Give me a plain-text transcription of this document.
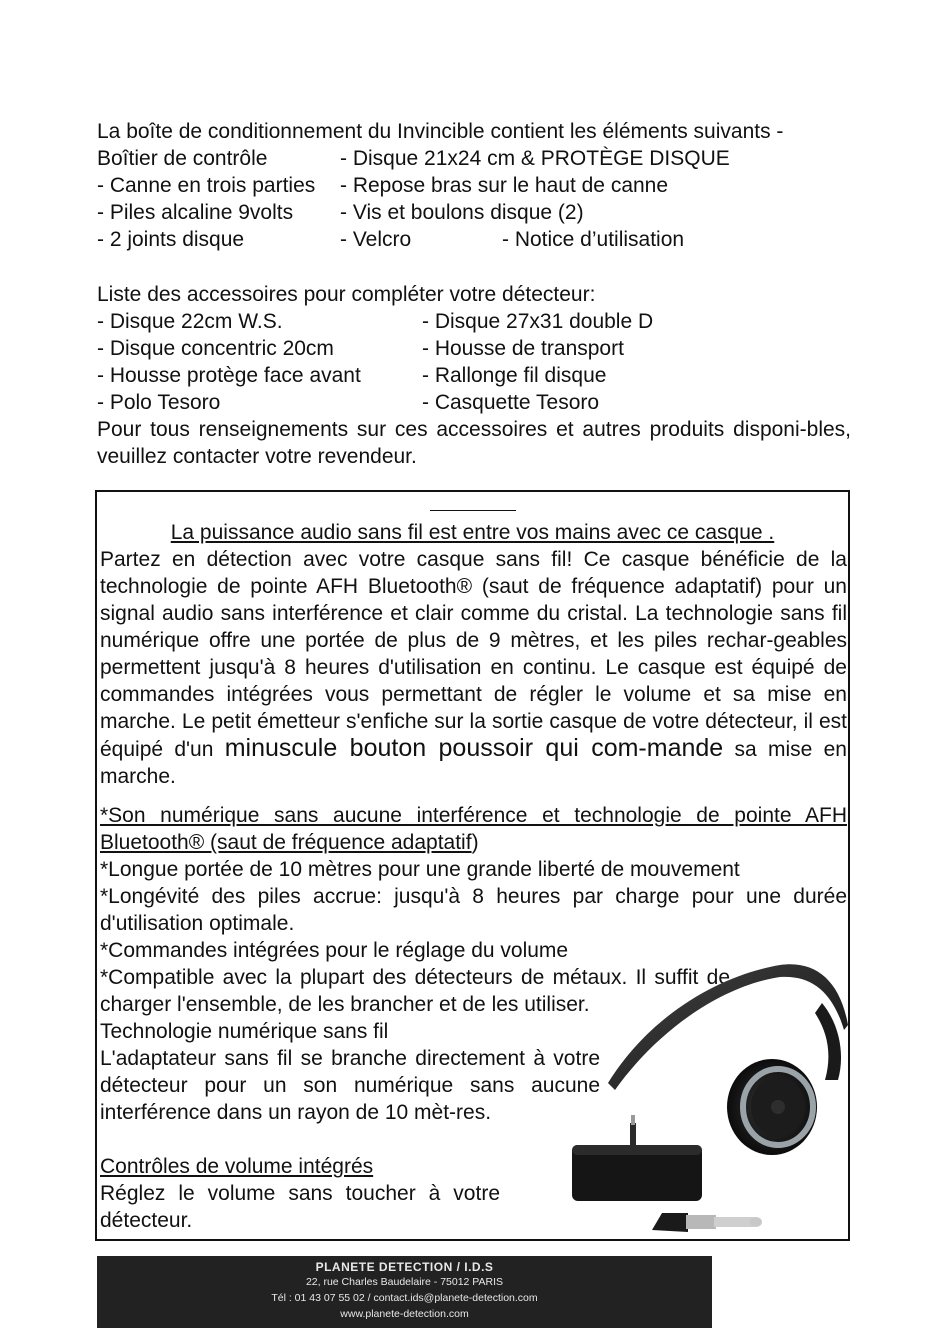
La boîte de conditionnement du Invincible contient les éléments suivants -
Boîtier de contrôle	- Disque 21x24 cm & PROTÈGE DISQUE
- Canne en trois parties - Repose bras sur le haut de canne
- Piles alcaline 9volts - Vis et boulons disque (2)
- 2 joints disque	- Velcro	- Notice d’utilisation
Liste des accessoires pour compléter votre détecteur:
- Disque 22cm W.S.	- Disque 27x31 double D
- Disque concentric 20cm	- Housse de transport
- Housse protège face avant	- Rallonge fil disque
- Polo Tesoro	- Casquette Tesoro
Pour tous renseignements sur ces accessoires et autres produits disponi-bles, veuillez contacter votre revendeur.
La puissance audio sans fil est entre vos mains avec ce casque .
Partez en détection avec votre casque sans fil! Ce casque bénéficie de la technologie de pointe AFH Bluetooth® (saut de fréquence adaptatif) pour un signal audio sans interférence et clair comme du cristal. La technologie sans fil numérique offre une portée de plus de 9 mètres, et les piles rechar-geables permettent jusqu'à 8 heures d'utilisation en continu. Le casque est équipé de commandes intégrées vous permettant de régler le volume et sa mise en marche. Le petit émetteur s'enfiche sur la sortie casque de votre détecteur, il est équipé d'un minuscule bouton poussoir qui com-mande sa mise en marche.
*Son numérique sans aucune interférence et technologie de pointe AFH Bluetooth® (saut de fréquence adaptatif)
*Longue portée de 10 mètres pour une grande liberté de mouvement
*Longévité des piles accrue: jusqu'à 8 heures par charge pour une durée d'utilisation optimale.
*Commandes intégrées pour le réglage du volume
*Compatible avec la plupart des détecteurs de métaux. Il suffit de charger l'ensemble, de les brancher et de les utiliser.
Technologie numérique sans fil
L'adaptateur sans fil se branche directement à votre détecteur pour un son numérique sans aucune interférence dans un rayon de 10 mèt-res.
Contrôles de volume intégrés
Réglez le volume sans toucher à votre détecteur.
PLANETE DETECTION / I.D.S
22, rue Charles Baudelaire - 75012 PARIS
Tél : 01 43 07 55 02 / contact.ids@planete-detection.com
www.planete-detection.com
